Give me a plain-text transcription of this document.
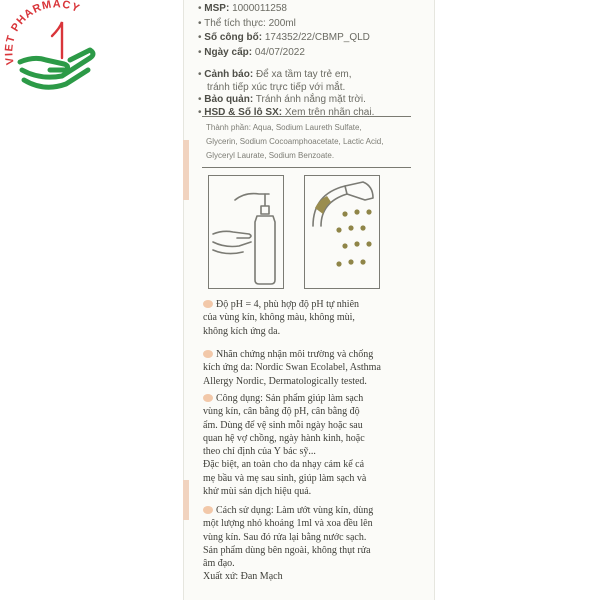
VIET PHARMACY	• MSP: 1000011258
• Thể tích thực: 200ml
• Số công bố: 174352/22/CBMP_QLD
• Ngày cấp: 04/07/2022
• Cảnh báo: Để xa tầm tay trẻ em,
tránh tiếp xúc trực tiếp với mắt.
• Bảo quản: Tránh ánh nắng mặt trời.
• HSD & Số lô SX: Xem trên nhãn chai.
Thành phần: Aqua, Sodium Laureth Sulfate,
Glycerin, Sodium Cocoamphoacetate, Lactic Acid,
Glyceryl Laurate, Sodium Benzoate.

Độ pH = 4, phù hợp độ pH tự nhiên

của vùng kín, không màu, không mùi,

không kích ứng da.

Nhãn chứng nhận môi trường và chống

kích ứng da: Nordic Swan Ecolabel, Asthma

Allergy Nordic, Dermatologically tested.

Công dụng: Sản phẩm giúp làm sạch

vùng kín, cân bằng độ pH, cân bằng độ

ẩm. Dùng để vệ sinh mỗi ngày hoặc sau

quan hệ vợ chồng, ngày hành kinh, hoặc

theo chỉ định của Y bác sỹ...

Đặc biệt, an toàn cho da nhạy cảm kể cả

mẹ bầu và mẹ sau sinh, giúp làm sạch và

khử mùi sản dịch hiệu quả.

Cách sử dụng: Làm ướt vùng kín, dùng

một lượng nhỏ khoảng 1ml và xoa đều lên

vùng kín. Sau đó rửa lại bằng nước sạch.

Sản phẩm dùng bên ngoài, không thụt rửa

âm đạo.

Xuất xứ: Đan Mạch
